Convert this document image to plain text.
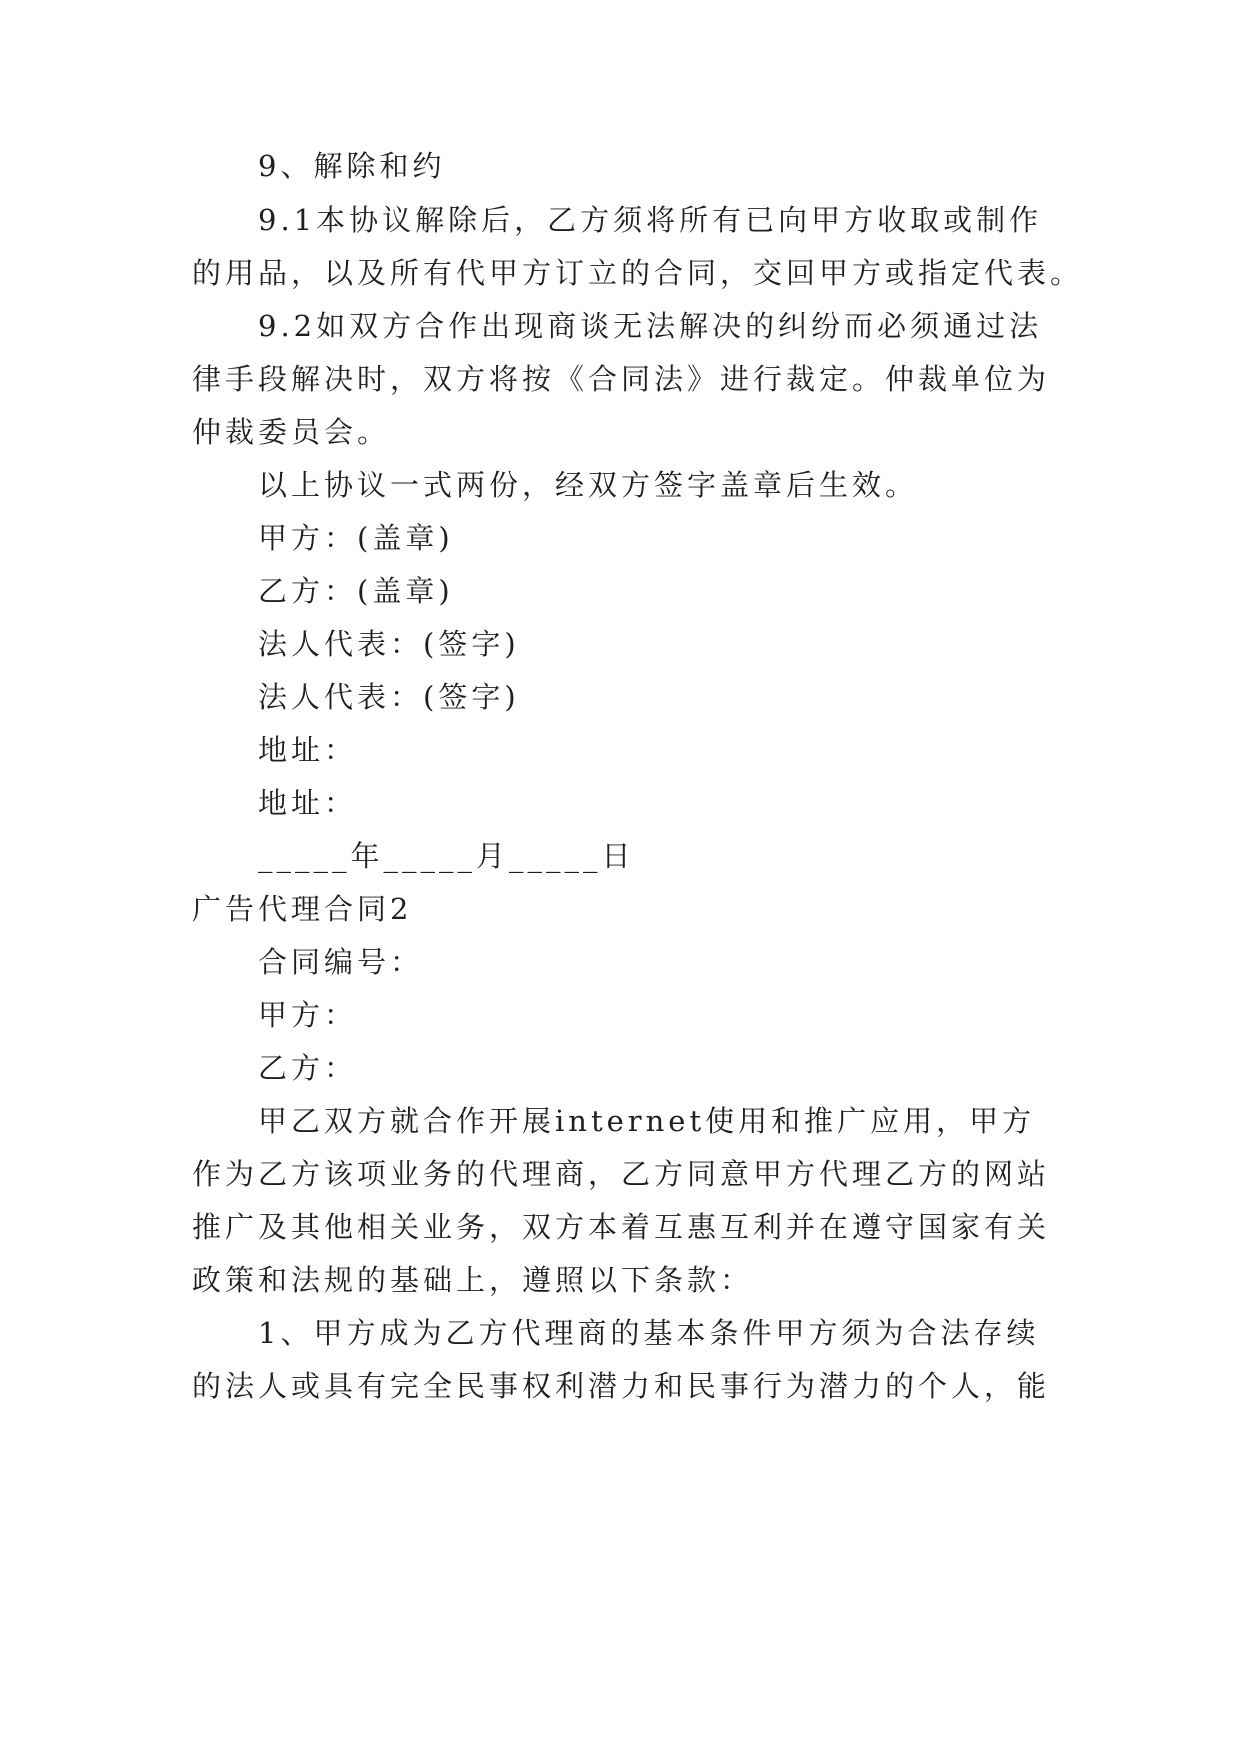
9、解除和约
9.1本协议解除后，乙方须将所有已向甲方收取或制作
的用品，以及所有代甲方订立的合同，交回甲方或指定代表。
9.2如双方合作出现商谈无法解决的纠纷而必须通过法
律手段解决时，双方将按《合同法》进行裁定。仲裁单位为
仲裁委员会。
以上协议一式两份，经双方签字盖章后生效。
甲方：(盖章)
乙方：(盖章)
法人代表：(签字)
法人代表：(签字)
地址：
地址：
_____年_____月_____日
广告代理合同2
合同编号：
甲方：
乙方：
甲乙双方就合作开展internet使用和推广应用，甲方
作为乙方该项业务的代理商，乙方同意甲方代理乙方的网站
推广及其他相关业务，双方本着互惠互利并在遵守国家有关
政策和法规的基础上，遵照以下条款：
1、甲方成为乙方代理商的基本条件甲方须为合法存续
的法人或具有完全民事权利潜力和民事行为潜力的个人，能
